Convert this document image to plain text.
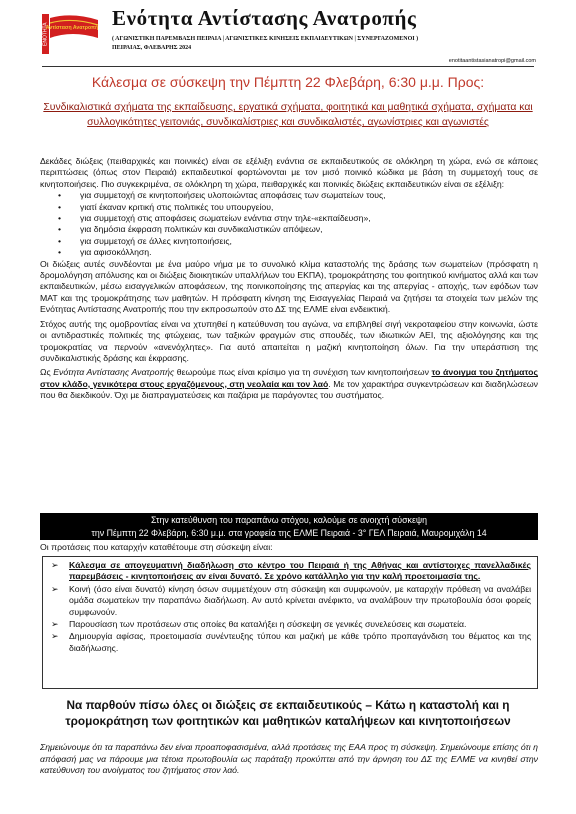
ΕΝΟΤΗΤΑ
Αντίσταση Ανατροπή Ενότητα Αντίστασης Ανατροπής
( ΑΓΩΝΙΣΤΙΚΗ ΠΑΡΕΜΒΑΣΗ ΠΕΙΡΑΙΑ | ΑΓΩΝΙΣΤΙΚΕΣ ΚΙΝΗΣΕΙΣ ΕΚΠΑΙΔΕΥΤΙΚΩΝ | ΣΥΝΕΡΓΑΖΟΜΕΝΟΙ )
ΠΕΙΡΑΙΑΣ, ΦΛΕΒΑΡΗΣ 2024
enotitaantistasianatropi@gmail.com
Κάλεσμα σε σύσκεψη την Πέμπτη 22 Φλεβάρη, 6:30 μ.μ. Προς:
Συνδικαλιστικά σχήματα της εκπαίδευσης, εργατικά σχήματα, φοιτητικά και μαθητικά σχήματα, σχήματα και συλλογικότητες γειτονιάς, συνδικαλίστριες και συνδικαλιστές, αγωνίστριες και αγωνιστές

Δεκάδες διώξεις (πειθαρχικές και ποινικές) είναι σε εξέλιξη ενάντια σε εκπαιδευτικούς σε ολόκληρη τη χώρα, ενώ σε κάποιες περιπτώσεις (όπως στον Πειραιά) εκπαιδευτικοί φορτώνονται με τον μισό ποινικό κώδικα με βάση τη συμμετοχή τους σε κινητοποιήσεις. Πιο συγκεκριμένα, σε ολόκληρη τη χώρα, πειθαρχικές και ποινικές διώξεις εκπαιδευτικών είναι σε εξέλιξη:

• για συμμετοχή σε κινητοποιήσεις υλοποιώντας αποφάσεις των σωματείων τους,
• γιατί έκαναν κριτική στις πολιτικές του υπουργείου,
• για συμμετοχή στις αποφάσεις σωματείων ενάντια στην τηλε-«εκπαίδευση»,
• για δημόσια έκφραση πολιτικών και συνδικαλιστικών απόψεων,
• για συμμετοχή σε άλλες κινητοποιήσεις,
• για αφισοκόλληση.

Οι διώξεις αυτές συνδέονται με ένα μαύρο νήμα με το συνολικό κλίμα καταστολής της δράσης των σωματείων (πρόσφατη η δρομολόγηση απόλυσης και οι διώξεις διοικητικών υπαλλήλων του ΕΚΠΑ), τρομοκράτησης του φοιτητικού κινήματος αλλά και των εκπαιδευτικών, μέσω εισαγγελικών αποφάσεων, της ποινικοποίησης της απεργίας και της απεργίας - αποχής, των εφόδων των ΜΑΤ και της τρομοκράτησης των μαθητών. Η πρόσφατη κίνηση της Εισαγγελίας Πειραιά να ζητήσει τα στοιχεία των μελών της Ενότητας Αντίστασης Ανατροπής που την εκπροσωπούν στο ΔΣ της ΕΛΜΕ είναι ενδεικτική.

Στόχος αυτής της ομοβροντίας είναι να χτυπηθεί η κατεύθυνση του αγώνα, να επιβληθεί σιγή νεκροταφείου στην κοινωνία, ώστε οι αντιδραστικές πολιτικές της φτώχειας, των ταξικών φραγμών στις σπουδές, των ιδιωτικών ΑΕΙ, της αξιολόγησης και της τρομοκρατίας να περνούν «ανενόχλητες». Για αυτό απαιτείται η μαζική κινητοποίηση όλων. Για την υπεράσπιση της συνδικαλιστικής δράσης και έκφρασης.

Ως Ενότητα Αντίστασης Ανατροπής θεωρούμε πως είναι κρίσιμο για τη συνέχιση των κινητοποιήσεων το άνοιγμα του ζητήματος στον κλάδο, γενικότερα στους εργαζόμενους, στη νεολαία και τον λαό. Με τον χαρακτήρα συγκεντρώσεων και διαδηλώσεων που θα διεκδικούν. Όχι με διαπραγματεύσεις και παζάρια με παράγοντες του συστήματος.

Στην κατεύθυνση του παραπάνω στόχου, καλούμε σε ανοιχτή σύσκεψη
την Πέμπτη 22 Φλεβάρη, 6:30 μ.μ. στα γραφεία της ΕΛΜΕ Πειραιά - 3° ΓΕΛ Πειραιά, Μαυρομιχάλη 14
Οι προτάσεις που καταρχήν καταθέτουμε στη σύσκεψη είναι:
➢ Κάλεσμα σε απογευματινή διαδήλωση στο κέντρο του Πειραιά ή της Αθήνας και αντίστοιχες πανελλαδικές παρεμβάσεις - κινητοποιήσεις αν είναι δυνατό. Σε χρόνο κατάλληλο για την καλή προετοιμασία της.
➢ Κοινή (όσο είναι δυνατό) κίνηση όσων συμμετέχουν στη σύσκεψη και συμφωνούν, με καταρχήν πρόθεση να αναλάβει ομάδα σωματείων την παραπάνω διαδήλωση. Αν αυτό κρίνεται ανέφικτο, να αναλάβουν την πρωτοβουλία όσοι φορείς συμφωνούν.
➢ Παρουσίαση των προτάσεων στις οποίες θα καταλήξει η σύσκεψη σε γενικές συνελεύσεις και σωματεία.
➢ Δημιουργία αφίσας, προετοιμασία συνέντευξης τύπου και μαζική με κάθε τρόπο προπαγάνδιση του θέματος και της διαδήλωσης.
Να παρθούν πίσω όλες οι διώξεις σε εκπαιδευτικούς – Κάτω η καταστολή και η
τρομοκράτηση των φοιτητικών και μαθητικών καταλήψεων και κινητοποιήσεων
Σημειώνουμε ότι τα παραπάνω δεν είναι προαποφασισμένα, αλλά προτάσεις της ΕΑΑ προς τη σύσκεψη. Σημειώνουμε επίσης ότι η απόφασή μας να πάρουμε μια τέτοια πρωτοβουλία ως παράταξη προκύπτει από την άρνηση του ΔΣ της ΕΛΜΕ να κινηθεί στην κατεύθυνση του ανοίγματος του ζητήματος στον λαό.
